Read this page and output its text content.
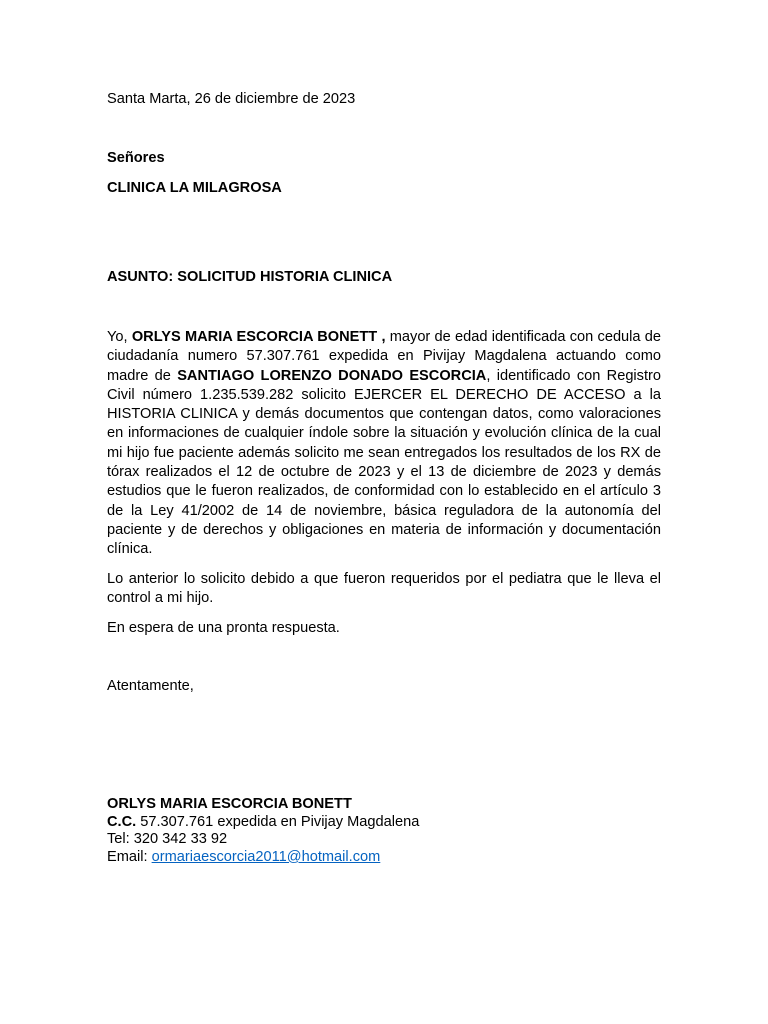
Santa Marta, 26 de diciembre de 2023

Señores

CLINICA LA MILAGROSA

ASUNTO: SOLICITUD HISTORIA CLINICA

Yo, ORLYS MARIA ESCORCIA BONETT , mayor de edad identificada con cedula de ciudadanía numero 57.307.761 expedida en Pivijay Magdalena actuando como madre de SANTIAGO LORENZO DONADO ESCORCIA, identificado con Registro Civil número 1.235.539.282 solicito EJERCER EL DERECHO DE ACCESO a la HISTORIA CLINICA y demás documentos que contengan datos, como valoraciones en informaciones de cualquier índole sobre la situación y evolución clínica de la cual mi hijo fue paciente además solicito me sean entregados los resultados de los RX de tórax realizados el 12 de octubre de 2023 y el 13 de diciembre de 2023 y demás estudios que le fueron realizados, de conformidad con lo establecido en el artículo 3 de la Ley 41/2002 de 14 de noviembre, básica reguladora de la autonomía del paciente y de derechos y obligaciones en materia de información y documentación clínica.

Lo anterior lo solicito debido a que fueron requeridos por el pediatra que le lleva el control a mi hijo.

En espera de una pronta respuesta.

Atentamente,

ORLYS MARIA ESCORCIA BONETT
C.C. 57.307.761 expedida en Pivijay Magdalena
Tel: 320 342 33 92
Email: ormariaescorcia2011@hotmail.com
